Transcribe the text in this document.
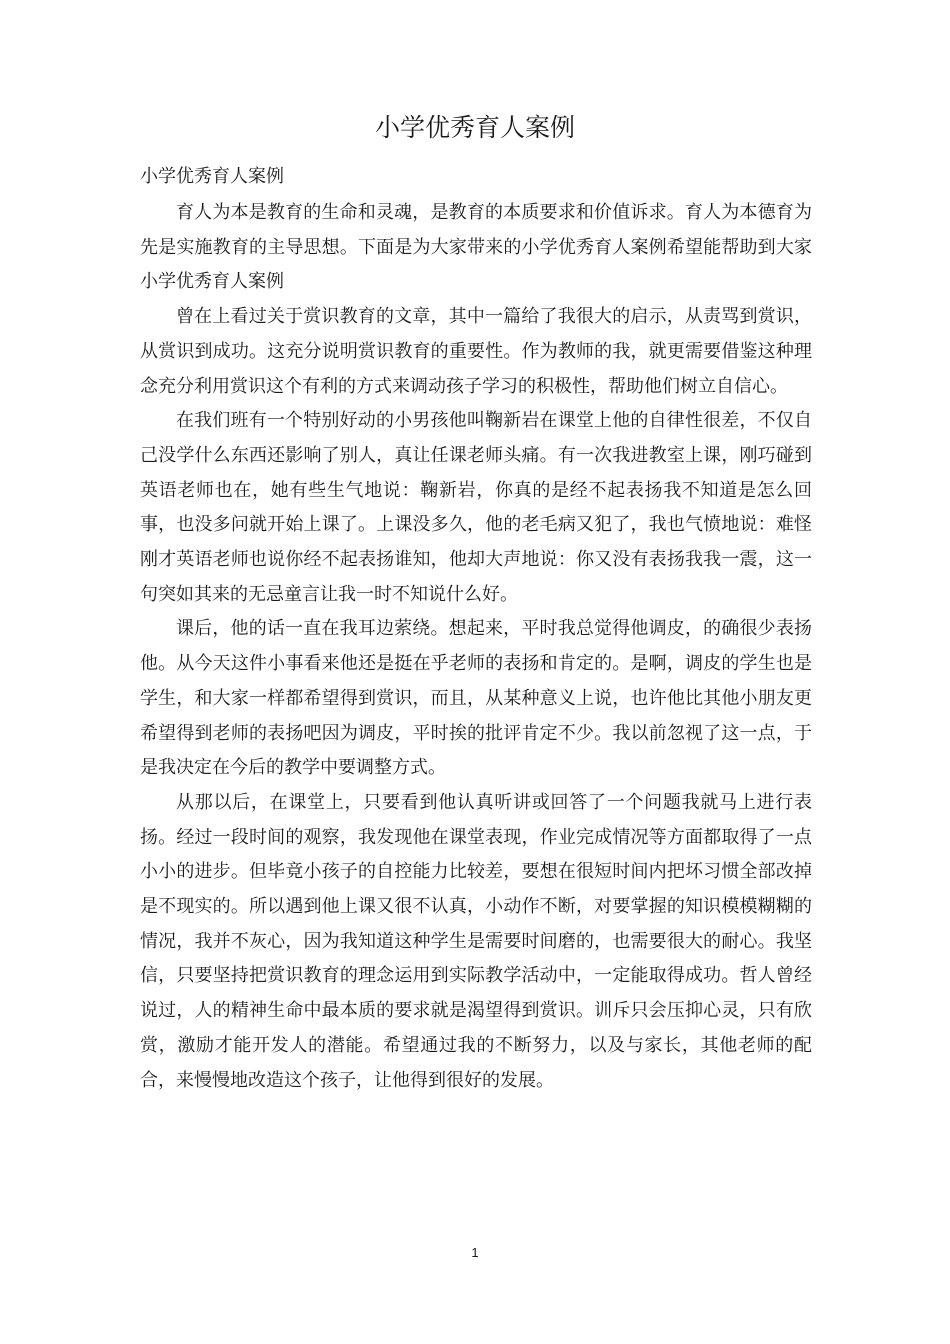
小学优秀育人案例

小学优秀育人案例

育人为本是教育的生命和灵魂，是教育的本质要求和价值诉求。育人为本德育为先是实施教育的主导思想。下面是为大家带来的小学优秀育人案例希望能帮助到大家小学优秀育人案例

曾在上看过关于赏识教育的文章，其中一篇给了我很大的启示，从责骂到赏识，从赏识到成功。这充分说明赏识教育的重要性。作为教师的我，就更需要借鉴这种理念充分利用赏识这个有利的方式来调动孩子学习的积极性，帮助他们树立自信心。

在我们班有一个特别好动的小男孩他叫鞠新岩在课堂上他的自律性很差，不仅自己没学什么东西还影响了别人，真让任课老师头痛。有一次我进教室上课，刚巧碰到英语老师也在，她有些生气地说：鞠新岩，你真的是经不起表扬我不知道是怎么回事，也没多问就开始上课了。上课没多久，他的老毛病又犯了，我也气愤地说：难怪刚才英语老师也说你经不起表扬谁知，他却大声地说：你又没有表扬我我一震，这一句突如其来的无忌童言让我一时不知说什么好。

课后，他的话一直在我耳边萦绕。想起来，平时我总觉得他调皮，的确很少表扬他。从今天这件小事看来他还是挺在乎老师的表扬和肯定的。是啊，调皮的学生也是学生，和大家一样都希望得到赏识，而且，从某种意义上说，也许他比其他小朋友更希望得到老师的表扬吧因为调皮，平时挨的批评肯定不少。我以前忽视了这一点，于是我决定在今后的教学中要调整方式。

从那以后，在课堂上，只要看到他认真听讲或回答了一个问题我就马上进行表扬。经过一段时间的观察，我发现他在课堂表现，作业完成情况等方面都取得了一点小小的进步。但毕竟小孩子的自控能力比较差，要想在很短时间内把坏习惯全部改掉是不现实的。所以遇到他上课又很不认真，小动作不断，对要掌握的知识模模糊糊的情况，我并不灰心，因为我知道这种学生是需要时间磨的，也需要很大的耐心。我坚信，只要坚持把赏识教育的理念运用到实际教学活动中，一定能取得成功。哲人曾经说过，人的精神生命中最本质的要求就是渴望得到赏识。训斥只会压抑心灵，只有欣赏，激励才能开发人的潜能。希望通过我的不断努力，以及与家长，其他老师的配合，来慢慢地改造这个孩子，让他得到很好的发展。

1
